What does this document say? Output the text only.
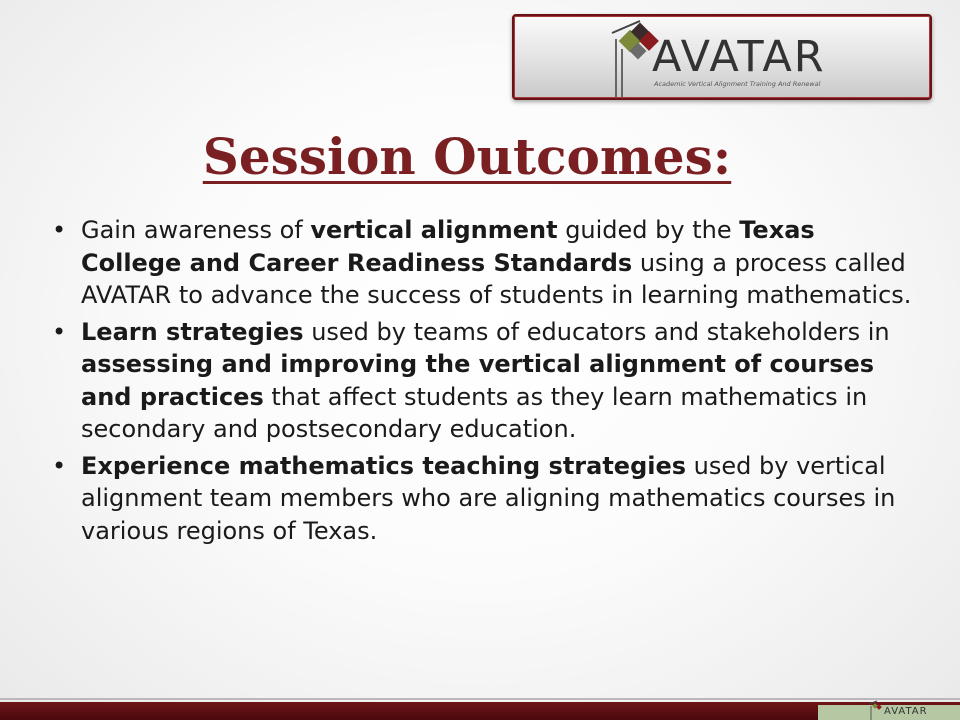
AVATAR
Academic Vertical Alignment Training And Renewal
Session Outcomes:
• Gain awareness of vertical alignment guided by the Texas College and Career Readiness Standards using a process called AVATAR to advance the success of students in learning mathematics.
• Learn strategies used by teams of educators and stakeholders in assessing and improving the vertical alignment of courses and practices that affect students as they learn mathematics in secondary and postsecondary education.
• Experience mathematics teaching strategies used by vertical alignment team members who are aligning mathematics courses in various regions of Texas.
AVATAR
